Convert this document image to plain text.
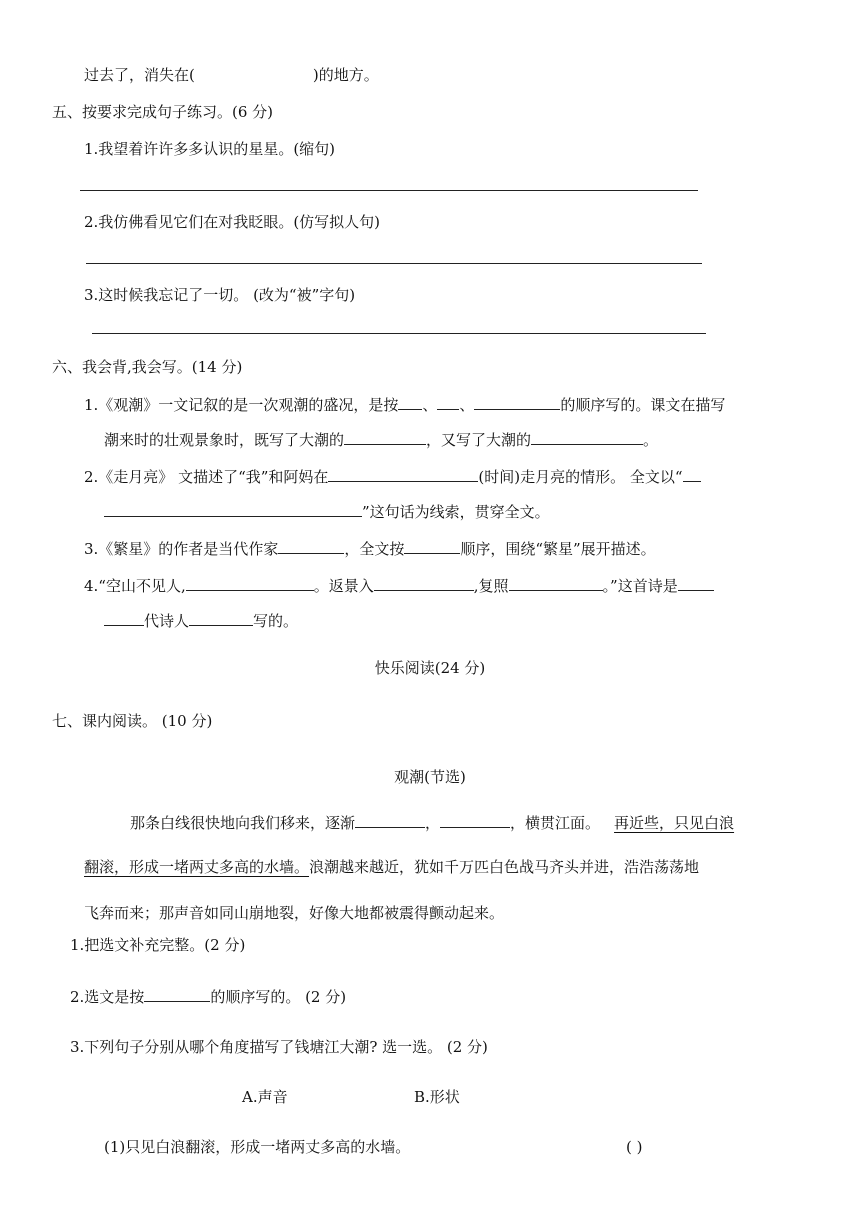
过去了，消失在(	)的地方。
五、按要求完成句子练习。(6 分)
1.我望着许许多多认识的星星。(缩句)
2.我仿佛看见它们在对我眨眼。(仿写拟人句)
3.这时候我忘记了一切。 (改为“被”字句)
六、我会背,我会写。(14 分)
1.《观潮》一文记叙的是一次观潮的盛况，是按 、 、	的顺序写的。课文在描写
潮来时的壮观景象时，既写了大潮的	，又写了大潮的	。
2.《走月亮》 文描述了“我”和阿妈在	(时间)走月亮的情形。 全文以“
”这句话为线索，贯穿全文。
3.《繁星》的作者是当代作家	，全文按	顺序，围绕“繁星”展开描述。
4.“空山不见人,	。返景入	,复照	。”这首诗是
代诗人	写的。
快乐阅读(24 分)
七、课内阅读。 (10 分)
观潮(节选)
那条白线很快地向我们移来，逐渐	，	，横贯江面。 再近些，只见白浪
翻滚，形成一堵两丈多高的水墙。浪潮越来越近，犹如千万匹白色战马齐头并进，浩浩荡荡地
飞奔而来；那声音如同山崩地裂，好像大地都被震得颤动起来。
1.把选文补充完整。(2 分)
2.选文是按	的顺序写的。 (2 分)
3.下列句子分别从哪个角度描写了钱塘江大潮? 选一选。 (2 分)
A.声音	B.形状
(1)只见白浪翻滚，形成一堵两丈多高的水墙。	( )
